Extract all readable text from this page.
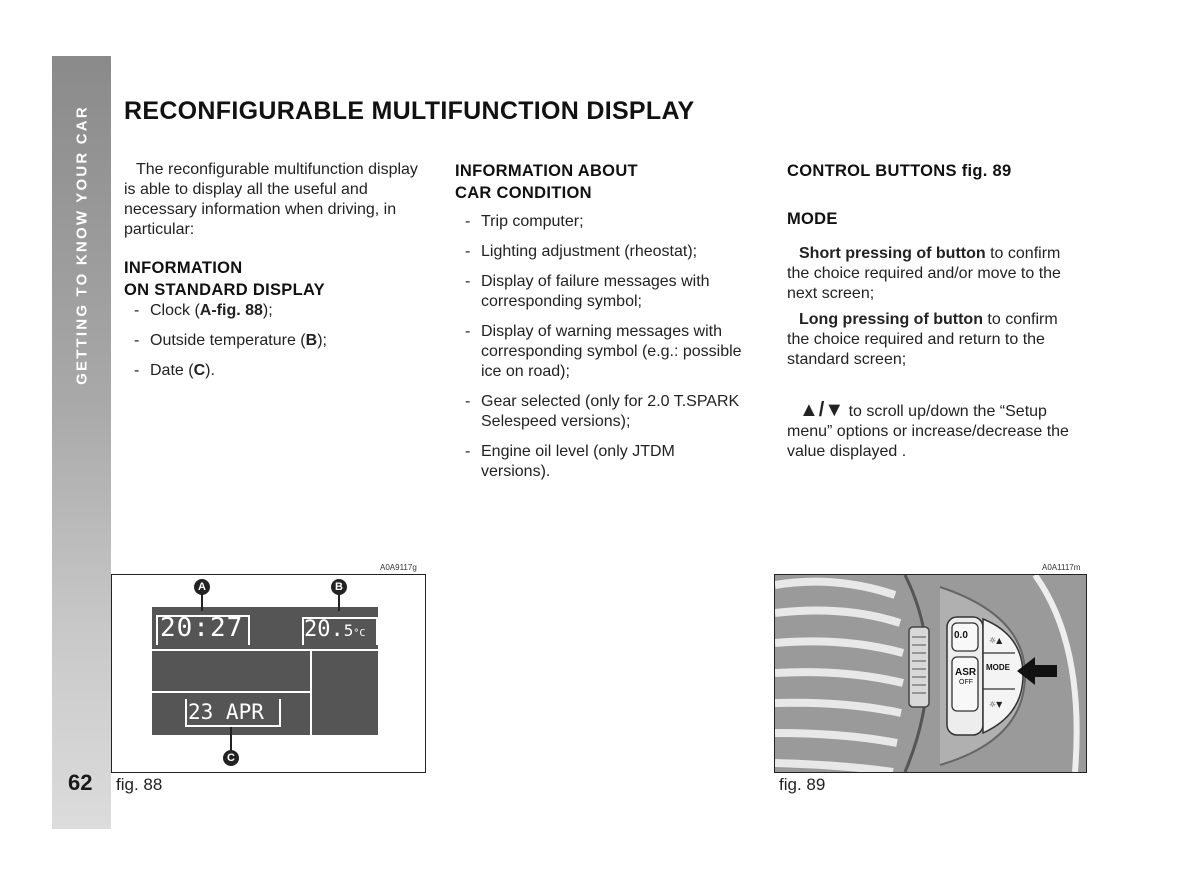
GETTING TO KNOW YOUR CAR
62
RECONFIGURABLE MULTIFUNCTION DISPLAY

The reconfigurable multifunction display is able to display all the useful and necessary information when driving, in particular:

INFORMATION

ON STANDARD DISPLAY

- Clock (A-fig. 88);
- Outside temperature (B);
- Date (C).

INFORMATION ABOUT

CAR CONDITION

- Trip computer;
- Lighting adjustment (rheostat);
- Display of failure messages with corresponding symbol;
- Display of warning messages with corresponding symbol (e.g.: possible ice on road);
- Gear selected (only for 2.0 T.SPARK Selespeed versions);
- Engine oil level (only JTDM versions).

CONTROL BUTTONS fig. 89

MODE

Short pressing of button to confirm the choice required and/or move to the next screen;

Long pressing of button to confirm the choice required and return to the standard screen;

▲/▼ to scroll up/down the “Setup menu” options or increase/decrease the value displayed .

A0A9117g
20:27	20.5°C
23 APR
A	B
C
fig. 88
A0A1117m
☼▲
☼▼
0.0
ASR
OFF
MODE
fig. 89
